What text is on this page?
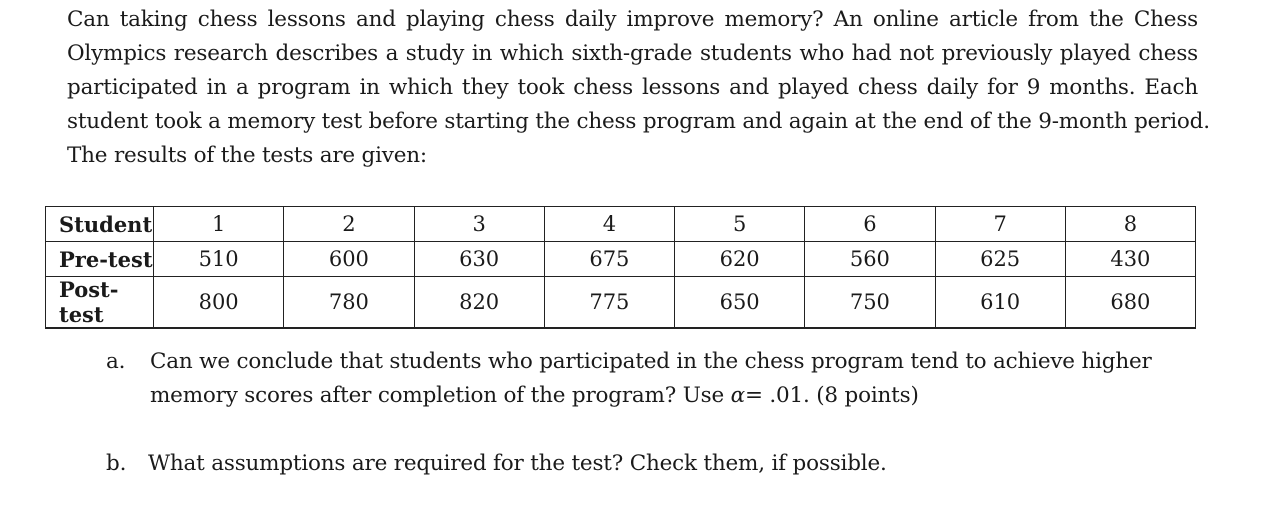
Can taking chess lessons and playing chess daily improve memory? An online article from the Chess
Olympics research describes a study in which sixth-grade students who had not previously played chess
participated in a program in which they took chess lessons and played chess daily for 9 months. Each
student took a memory test before starting the chess program and again at the end of the 9-month period.
The results of the tests are given:
Student	1	2	3	4	5	6	7	8
Pre-test	510	600	630	675	620	560	625	430
Post-test	800	780	820	775	650	750	610	680
a. Can we conclude that students who participated in the chess program tend to achieve higher
memory scores after completion of the program? Use α= .01. (8 points)
b. What assumptions are required for the test? Check them, if possible.
